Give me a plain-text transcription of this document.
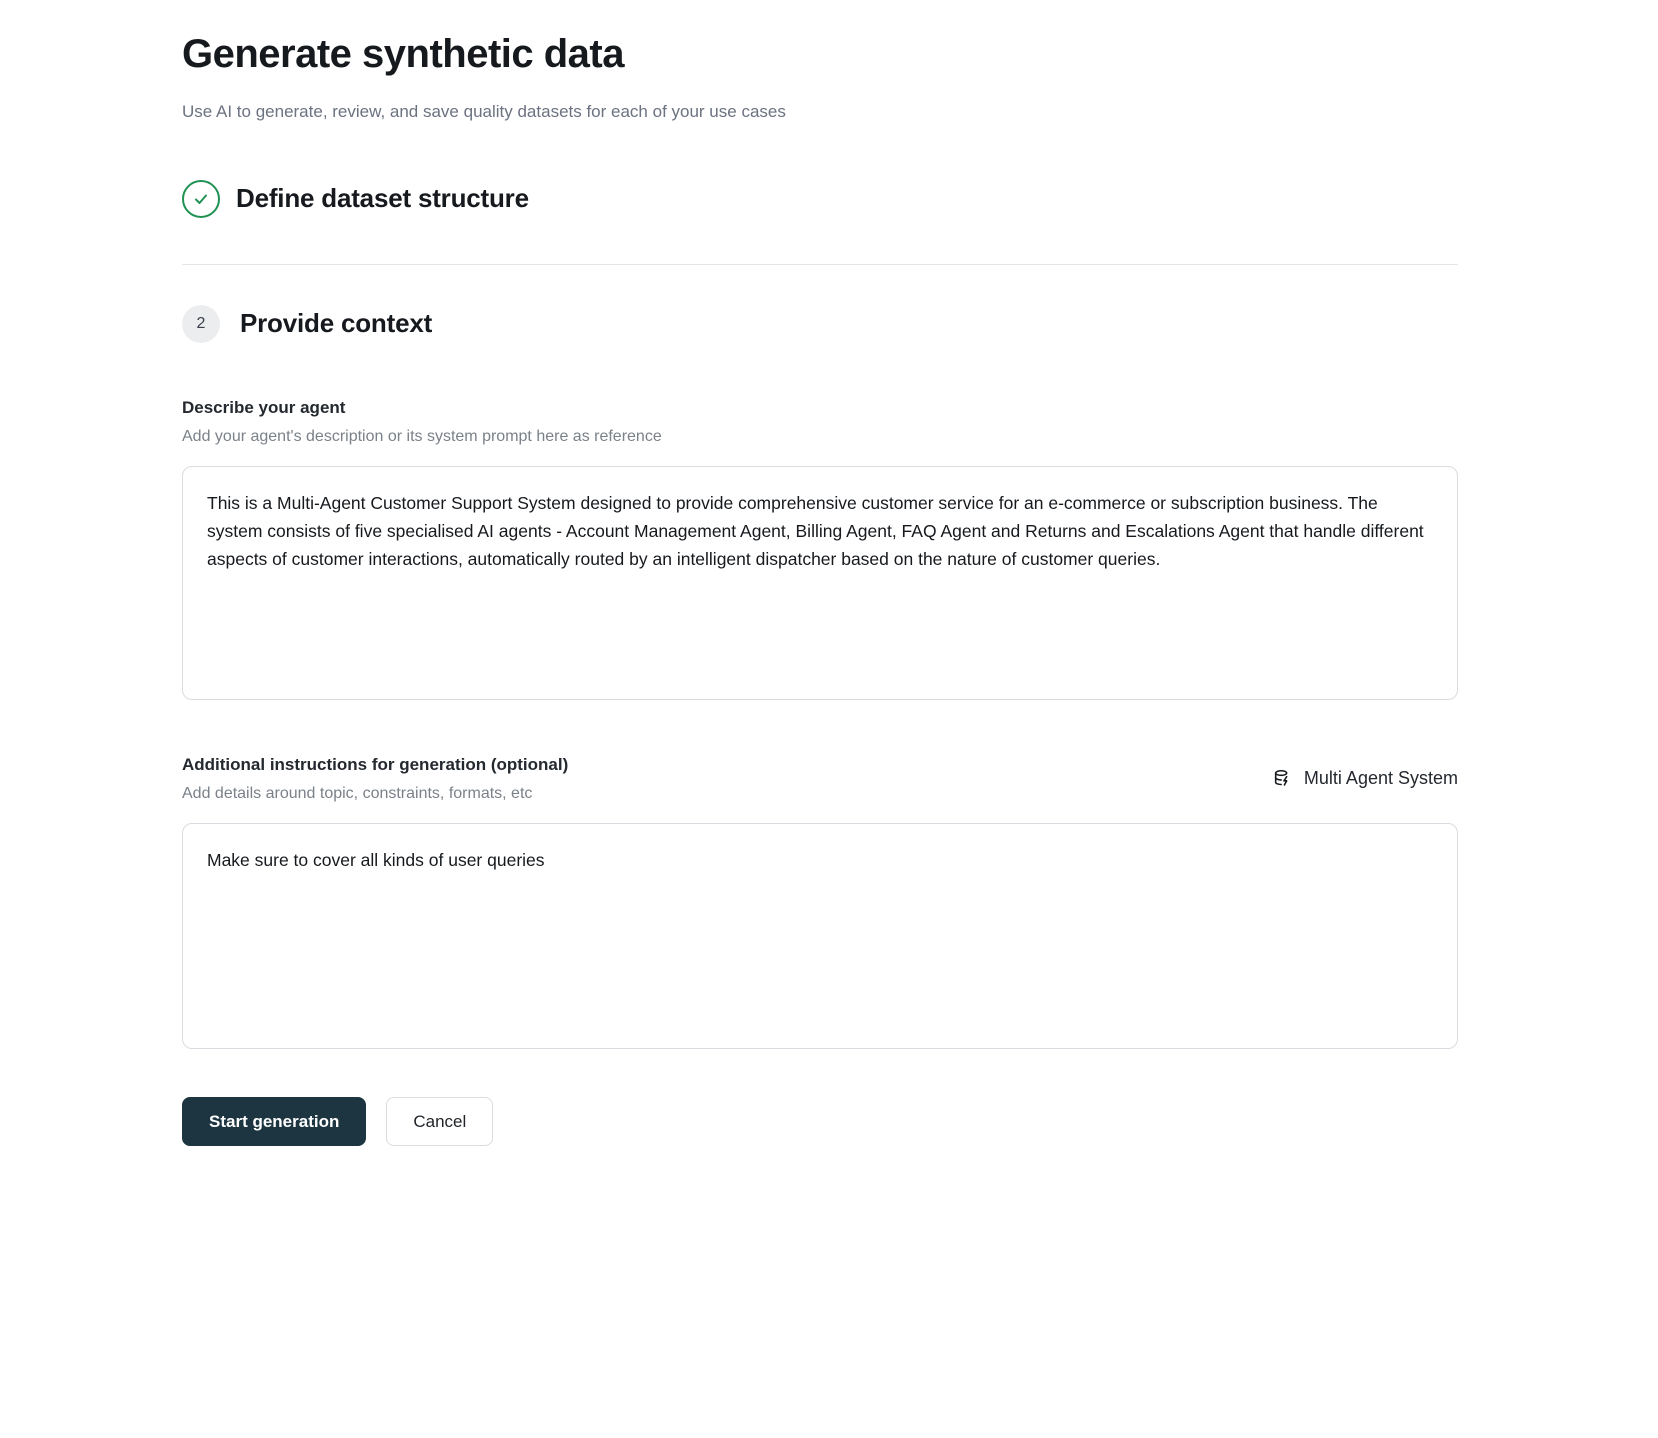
Generate synthetic data

Use AI to generate, review, and save quality datasets for each of your use cases

Define dataset structure
2	Provide context
Describe your agent
Add your agent's description or its system prompt here as reference
This is a Multi-Agent Customer Support System designed to provide comprehensive customer service for an e-commerce or subscription business. The system consists of five specialised AI agents - Account Management Agent, Billing Agent, FAQ Agent and Returns and Escalations Agent that handle different aspects of customer interactions, automatically routed by an intelligent dispatcher based on the nature of customer queries.
Additional instructions for generation (optional)
Add details around topic, constraints, formats, etc
Multi Agent System
Make sure to cover all kinds of user queries
Start generation	Cancel
